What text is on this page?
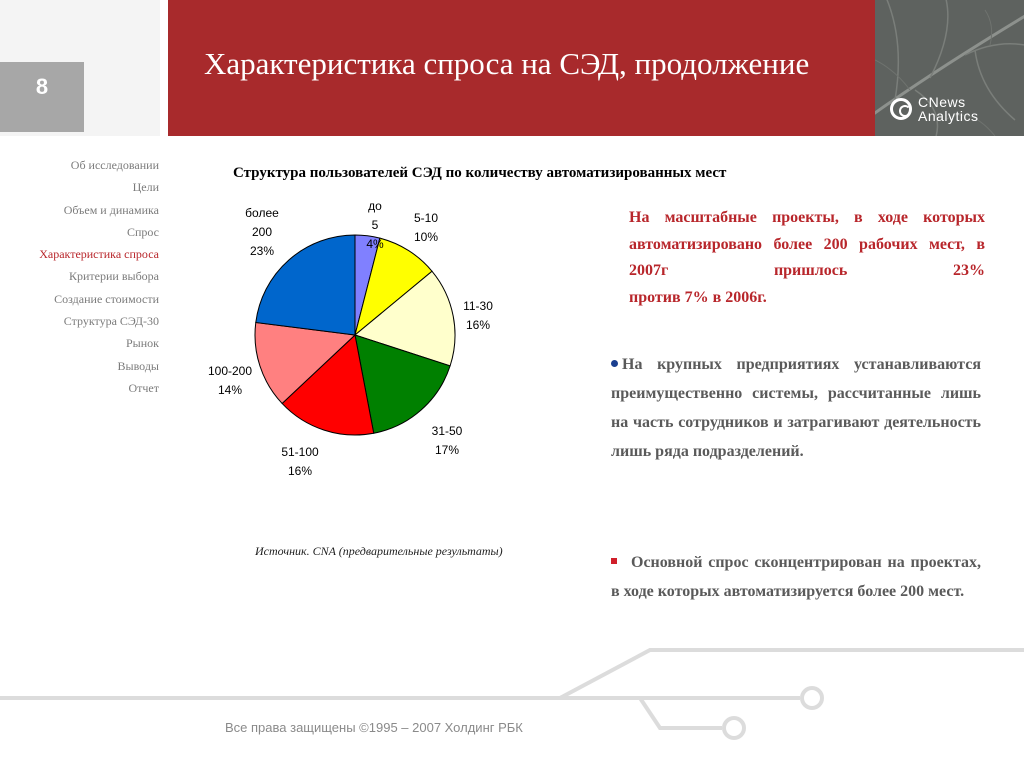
8
Характеристика спроса на СЭД, продолжение
CNews
Analytics
Об исследовании
Цели
Объем и динамика
Спрос
Характеристика спроса
Критерии выбора
Создание стоимости
Структура СЭД-30
Рынок
Выводы
Отчет
Структура пользователей СЭД по количеству автоматизированных мест
до 5 4%
5-10 10%
11-30 16%
31-50 17%
51-100 16%
100-200 14%
более 200 23%
Источник. CNA (предварительные результаты)
На масштабные проекты, в ходе которых автоматизировано более 200 рабочих мест, в 2007г пришлось 23%
против 7% в 2006г.
На крупных предприятиях устанавливаются преимущественно системы, рассчитанные лишь на часть сотрудников и затрагивают деятельность лишь ряда подразделений.
Основной спрос сконцентрирован на проектах, в ходе которых автоматизируется более 200 мест.
Все права защищены ©1995 – 2007 Холдинг РБК
